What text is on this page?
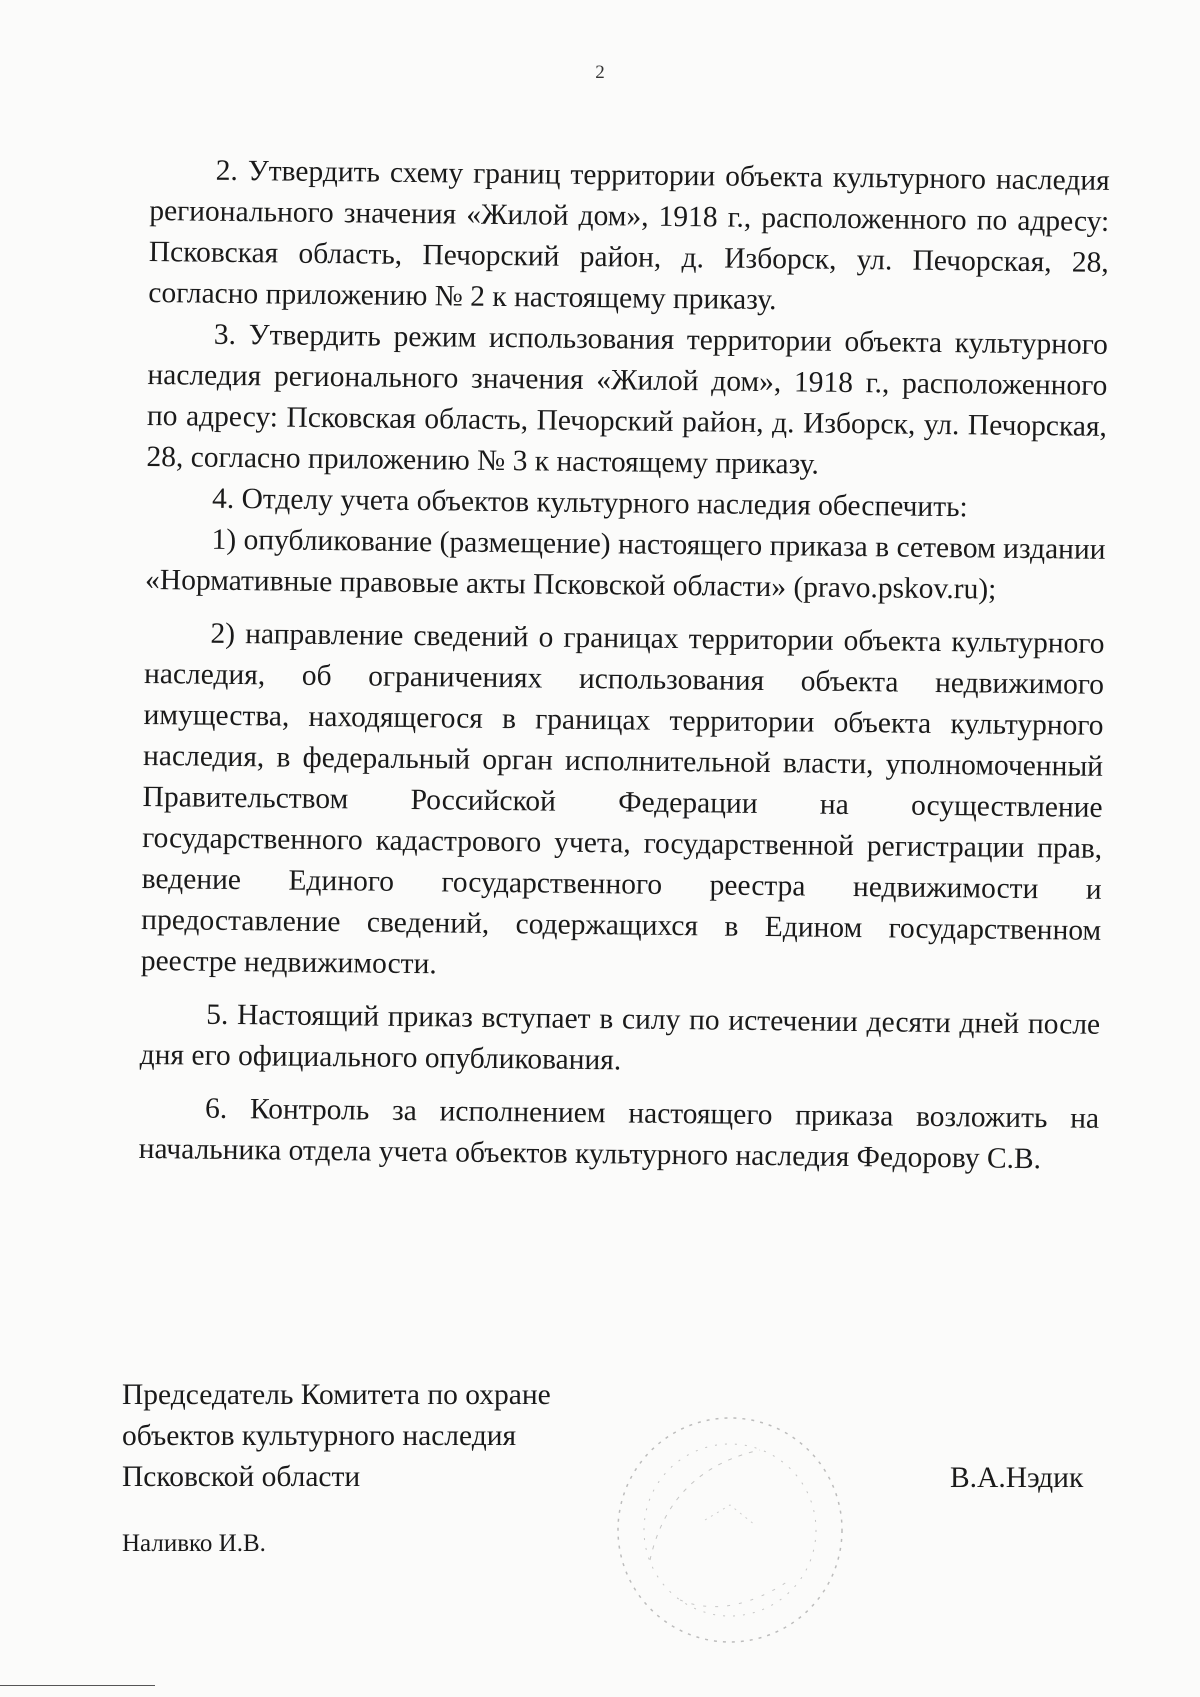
2

2. Утвердить схему границ территории объекта культурного наследия регионального значения «Жилой дом», 1918 г., расположенного по адресу: Псковская область, Печорский район, д. Изборск, ул. Печорская, 28, согласно приложению № 2 к настоящему приказу.

3. Утвердить режим использования территории объекта культурного наследия регионального значения «Жилой дом», 1918 г., расположенного по адресу: Псковская область, Печорский район, д. Изборск, ул. Печорская, 28, согласно приложению № 3 к настоящему приказу.

4. Отделу учета объектов культурного наследия обеспечить:

1) опубликование (размещение) настоящего приказа в сетевом издании «Нормативные правовые акты Псковской области» (pravo.pskov.ru);

2) направление сведений о границах территории объекта культурного наследия, об ограничениях использования объекта недвижимого имущества, находящегося в границах территории объекта культурного наследия, в федеральный орган исполнительной власти, уполномоченный Правительством Российской Федерации на осуществление государственного кадастрового учета, государственной регистрации прав, ведение Единого государственного реестра недвижимости и предоставление сведений, содержащихся в Едином государственном реестре недвижимости.

5. Настоящий приказ вступает в силу по истечении десяти дней после дня его официального опубликования.

6. Контроль за исполнением настоящего приказа возложить на начальника отдела учета объектов культурного наследия Федорову С.В.

Председатель Комитета по охране
объектов культурного наследия
Псковской области	В.А.Нэдик
Наливко И.В.
